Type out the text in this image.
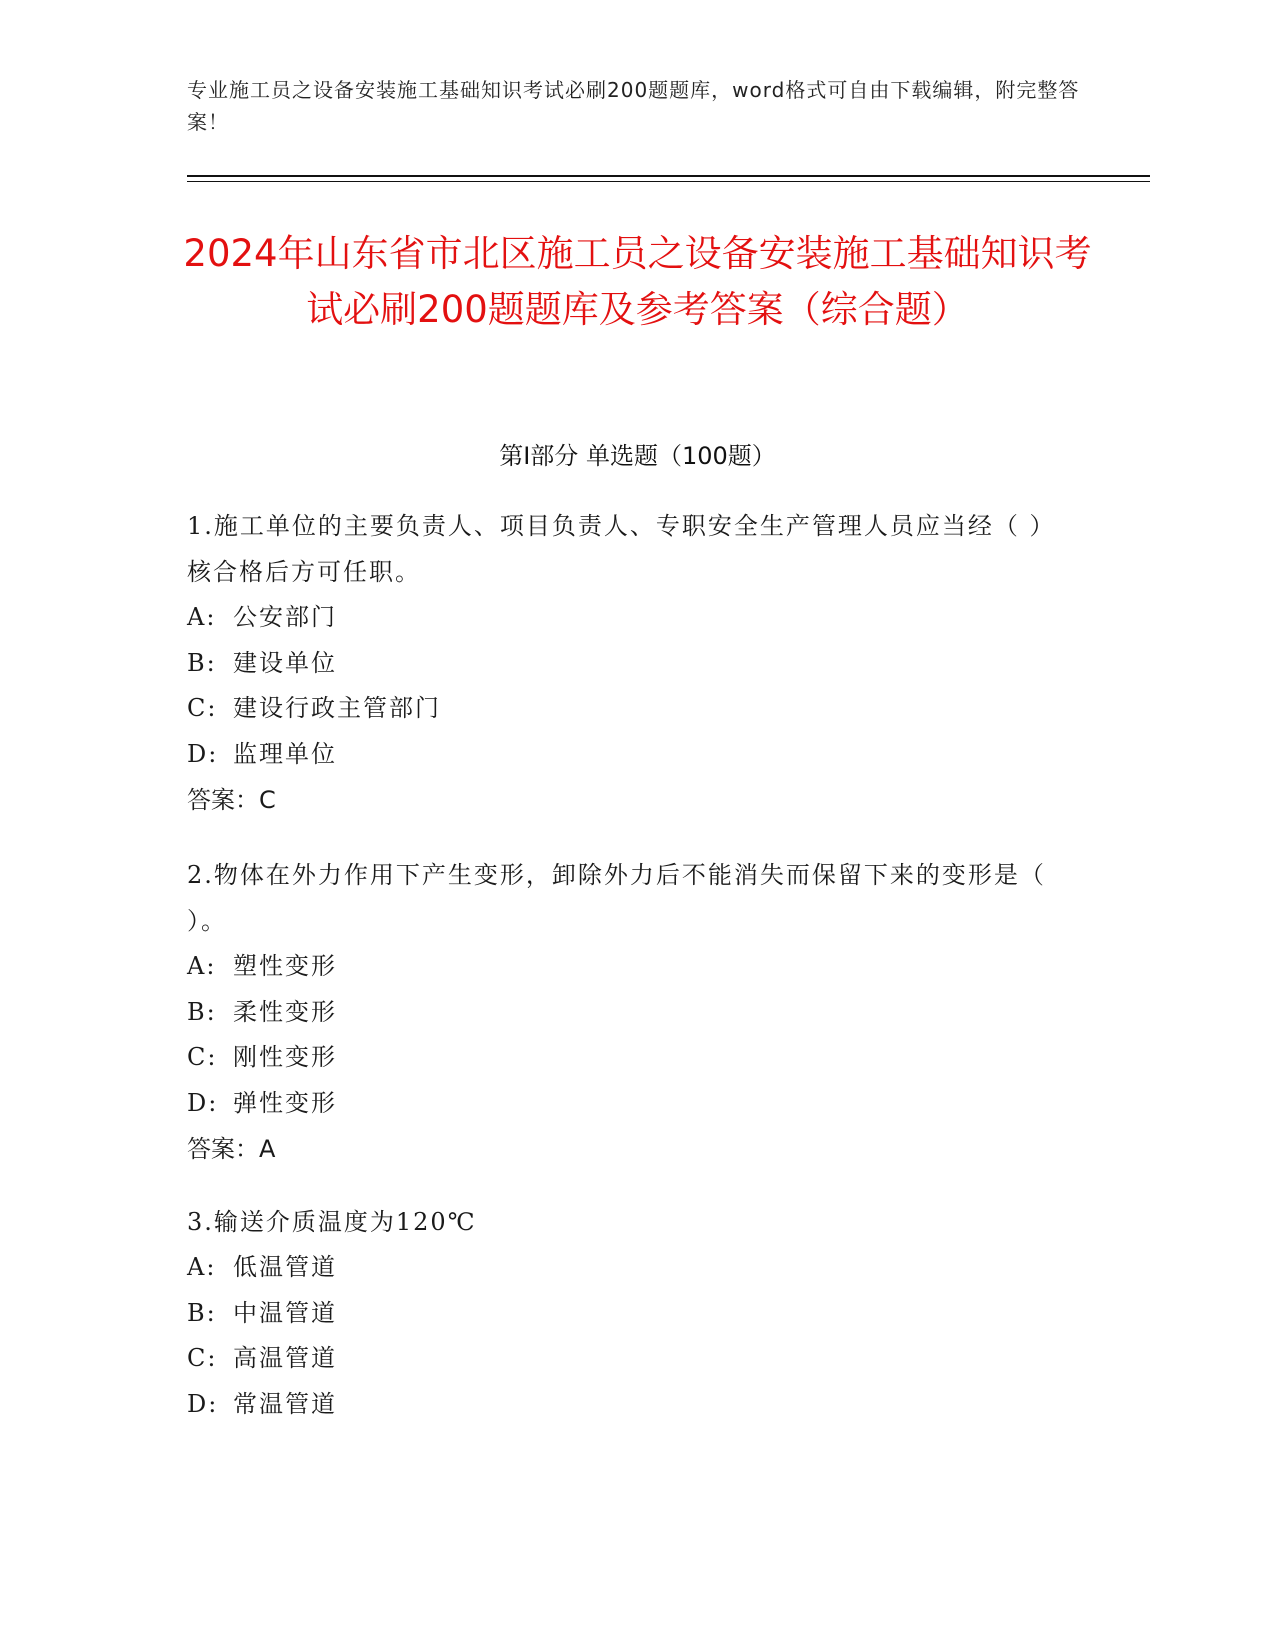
专业施工员之设备安装施工基础知识考试必刷200题题库，word格式可自由下载编辑，附完整答案！
2024年山东省市北区施工员之设备安装施工基础知识考试必刷200题题库及参考答案（综合题）
第I部分 单选题（100题）
1.施工单位的主要负责人、项目负责人、专职安全生产管理人员应当经（ ）核合格后方可任职。
A: 公安部门
B: 建设单位
C: 建设行政主管部门
D: 监理单位
答案：C
2.物体在外力作用下产生变形，卸除外力后不能消失而保留下来的变形是（ ）。
A: 塑性变形
B: 柔性变形
C: 刚性变形
D: 弹性变形
答案：A
3.输送介质温度为120℃
A: 低温管道
B: 中温管道
C: 高温管道
D: 常温管道
